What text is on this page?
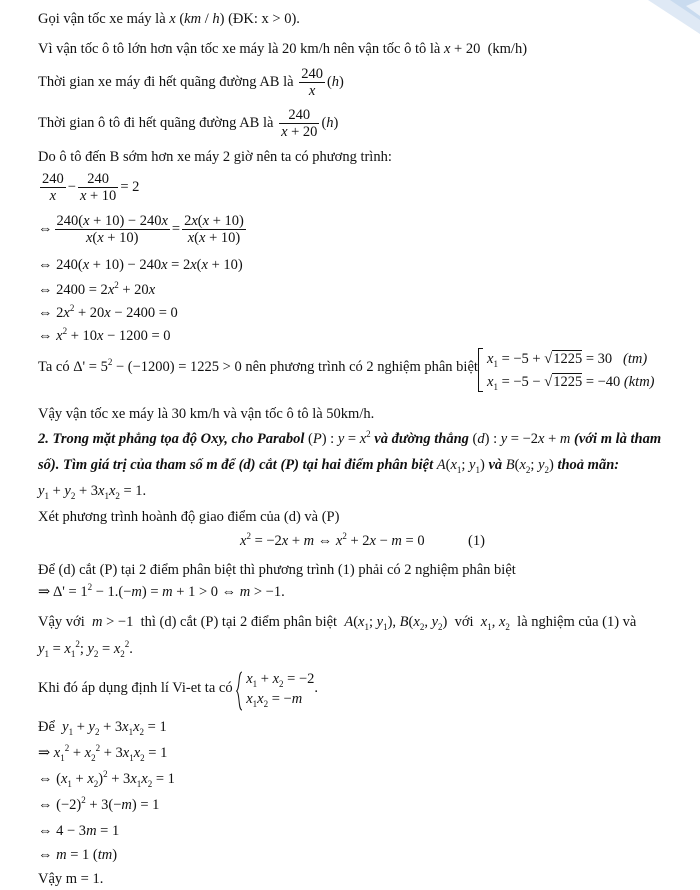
Gọi vận tốc xe máy là x (km / h) (ĐK: x > 0).
Vì vận tốc ô tô lớn hơn vận tốc xe máy là 20 km/h nên vận tốc ô tô là x + 20  (km/h)
Thời gian xe máy đi hết quãng đường AB là $\frac{240}{x} (h)$
Thời gian ô tô đi hết quãng đường AB là $\frac{240}{x + 20} (h)$
Do ô tô đến B sớm hơn xe máy 2 giờ nên ta có phương trình:
$\frac{240}{x} - \frac{240}{x + 10} = 2$
⇔ $\frac{240(x + 10) - 240x}{x(x + 10)} = \frac{2x(x + 10)}{x(x + 10)}$
⇔ 240(x + 10) − 240x = 2x(x + 10)
⇔ $2400 = 2x^2 + 20x$
⇔ $2x^2 + 20x - 2400 = 0$
⇔ $x^2 + 10x - 1200 = 0$
Ta có $\Delta' = 5^2 - (-1200) = 1225 > 0$ nên phương trình có 2 nghiệm phân biệt $x_1 = -5 + √1225 = 30$   (tm)
$x_1 = -5 - √1225 = -40$ (ktm)
Vậy vận tốc xe máy là 30 km/h và vận tốc ô tô là 50km/h.
2. Trong mặt phẳng tọa độ Oxy, cho Parabol (P) : $y = x^2$ và đường thẳng (d) : y = −2x + m (với m là tham
số). Tìm giá trị của tham số m để (d) cắt (P) tại hai điểm phân biệt $A(x_1$; $y_1$) và $B(x_2$; $y_2$) thoả mãn:
$y_1 + y_2 + 3x_1x_2 = 1$.
Xét phương trình hoành độ giao điểm của (d) và (P)
$x^2 = -2x + m$ ⇔ $x^2 + 2x - m = 0$	(1)
Để (d) cắt (P) tại 2 điểm phân biệt thì phương trình (1) phải có 2 nghiệm phân biệt
⇒ $\Delta' = 1^2 - 1.(-m) = m + 1 > 0$ ⇔ m > −1.
Vậy với m > −1  thì (d) cắt (P) tại 2 điểm phân biệt $A(x_1$; $y_1$), $B(x_2$, $y_2$)  với $x_1$, $x_2$ là nghiệm của (1) và
$y_1 = x_1^2$; $y_2 = x_2^2$.
Khi đó áp dụng định lí Vi-et ta có
$x_1 + x_2 = -2$
$x_1x_2 = -m$
.
Để $y_1 + y_2 + 3x_1x_2 = 1$
⇒ $x_1^2 + x_2^2 + 3x_1x_2 = 1$
⇔ $(x_1 + x_2)^2 + 3x_1x_2 = 1$
⇔ $(-2)^2 + 3(-m) = 1$
⇔ 4 − 3m = 1
⇔ m = 1 (tm)
Vậy m = 1.
